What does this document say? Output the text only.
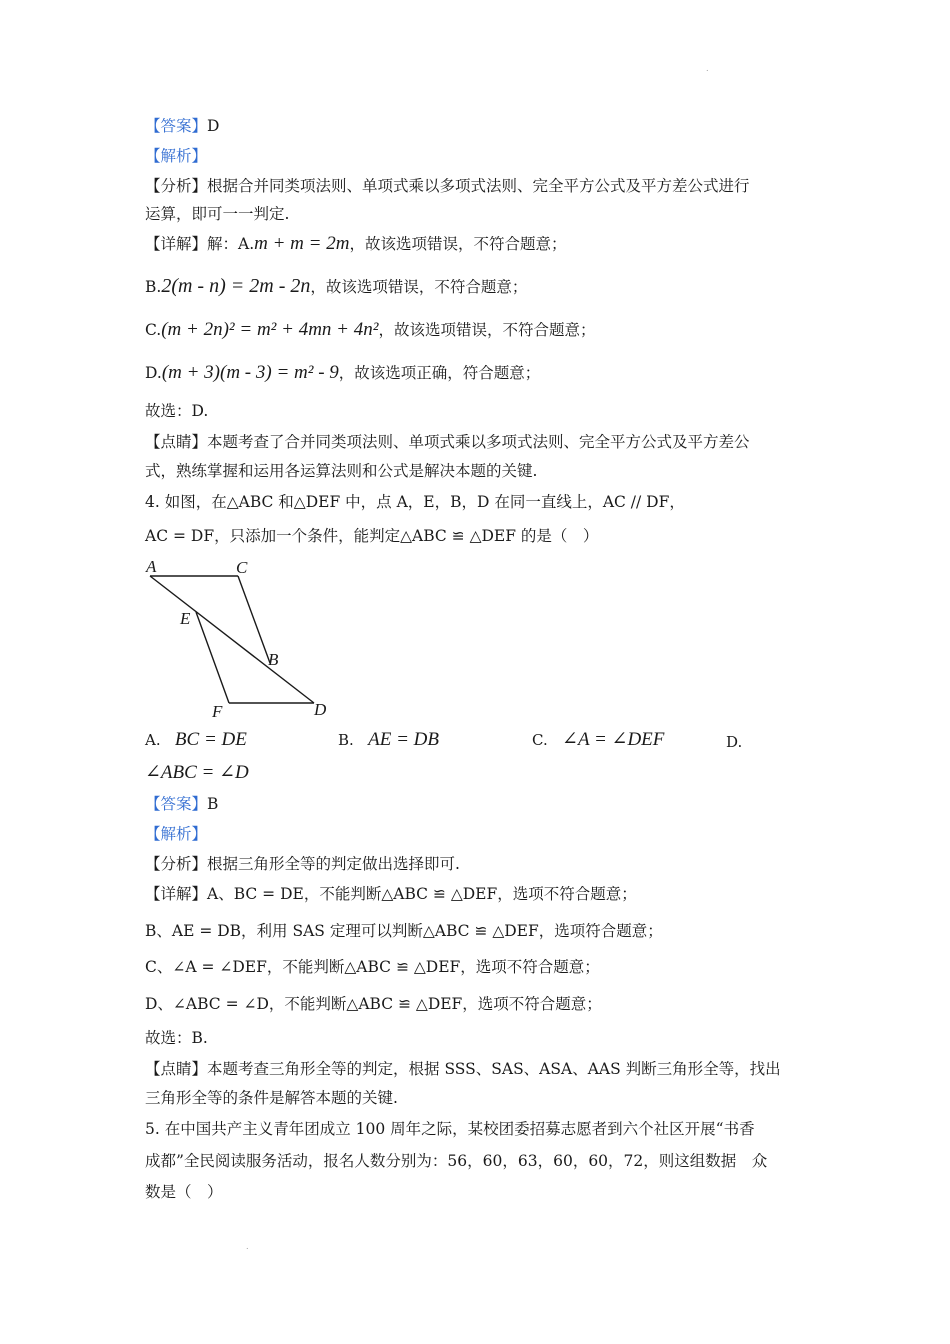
.
【答案】D
【解析】
【分析】根据合并同类项法则、单项式乘以多项式法则、完全平方公式及平方差公式进行
运算，即可一一判定.
【详解】解：A.m + m = 2m，故该选项错误，不符合题意；
B.2(m - n) = 2m - 2n，故该选项错误，不符合题意；
C.(m + 2n)² = m² + 4mn + 4n²，故该选项错误，不符合题意；
D.(m + 3)(m - 3) = m² - 9，故该选项正确，符合题意；
故选：D.
【点睛】本题考查了合并同类项法则、单项式乘以多项式法则、完全平方公式及平方差公
式，熟练掌握和运用各运算法则和公式是解决本题的关键.
4. 如图，在△ABC 和△DEF 中，点 A，E，B，D 在同一直线上，AC // DF，
AC = DF，只添加一个条件，能判定△ABC ≌ △DEF 的是（　）
A	C
E
B
F	D
A. BC = DE	B. AE = DB	C. ∠A = ∠DEF	D.
∠ABC = ∠D
【答案】B
【解析】
【分析】根据三角形全等的判定做出选择即可.
【详解】A、BC = DE，不能判断△ABC ≌ △DEF，选项不符合题意；
B、AE = DB，利用 SAS 定理可以判断△ABC ≌ △DEF，选项符合题意；
C、∠A = ∠DEF，不能判断△ABC ≌ △DEF，选项不符合题意；
D、∠ABC = ∠D，不能判断△ABC ≌ △DEF，选项不符合题意；
故选：B.
【点睛】本题考查三角形全等的判定，根据 SSS、SAS、ASA、AAS 判断三角形全等，找出
三角形全等的条件是解答本题的关键.
5. 在中国共产主义青年团成立 100 周年之际，某校团委招募志愿者到六个社区开展“书香
成都”全民阅读服务活动，报名人数分别为：56，60，63，60，60，72，则这组数据　众
数是（　）
.
